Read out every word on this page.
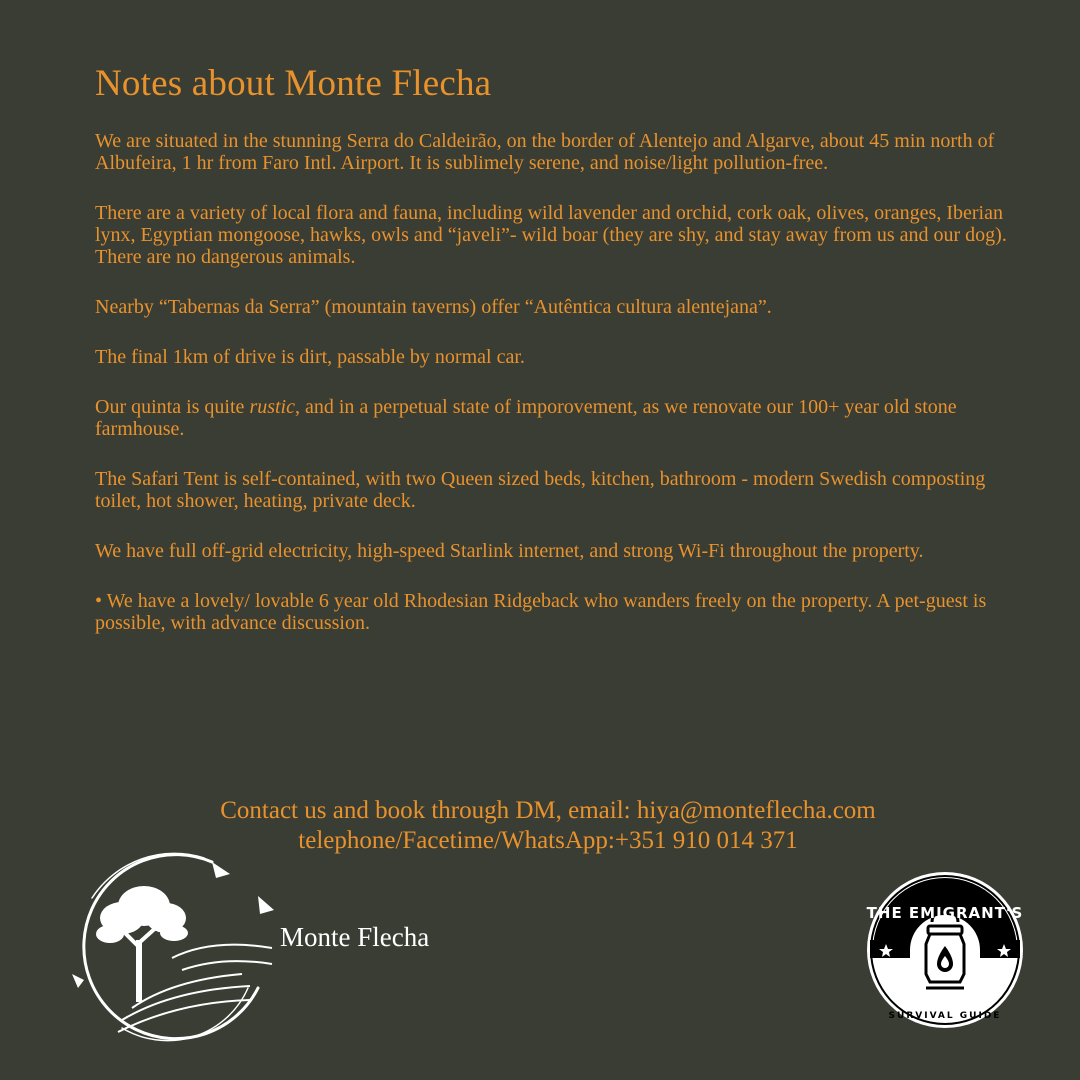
Notes about Monte Flecha

We are situated in the stunning Serra do Caldeirão, on the border of Alentejo and Algarve, about 45 min north of Albufeira, 1 hr from Faro Intl. Airport. It is sublimely serene, and noise/light pollution-free.

There are a variety of local flora and fauna, including wild lavender and orchid, cork oak, olives, oranges, Iberian lynx, Egyptian mongoose, hawks, owls and “javeli”- wild boar (they are shy, and stay away from us and our dog). There are no dangerous animals.

Nearby “Tabernas da Serra” (mountain taverns) offer “Autêntica cultura alentejana”.

The final 1km of drive is dirt, passable by normal car.

Our quinta is quite rustic, and in a perpetual state of imporovement, as we renovate our 100+ year old stone farmhouse.

The Safari Tent is self-contained, with two Queen sized beds, kitchen, bathroom - modern Swedish composting toilet, hot shower, heating, private deck.

We have full off-grid electricity, high-speed Starlink internet, and strong Wi-Fi throughout the property.

• We have a lovely/ lovable 6 year old Rhodesian Ridgeback who wanders freely on the property. A pet-guest is possible, with advance discussion.

Contact us and book through DM, email: hiya@monteflecha.com
telephone/Facetime/WhatsApp:+351 910 014 371
Monte Flecha
THE EMIGRANT'S
SURVIVAL GUIDE
